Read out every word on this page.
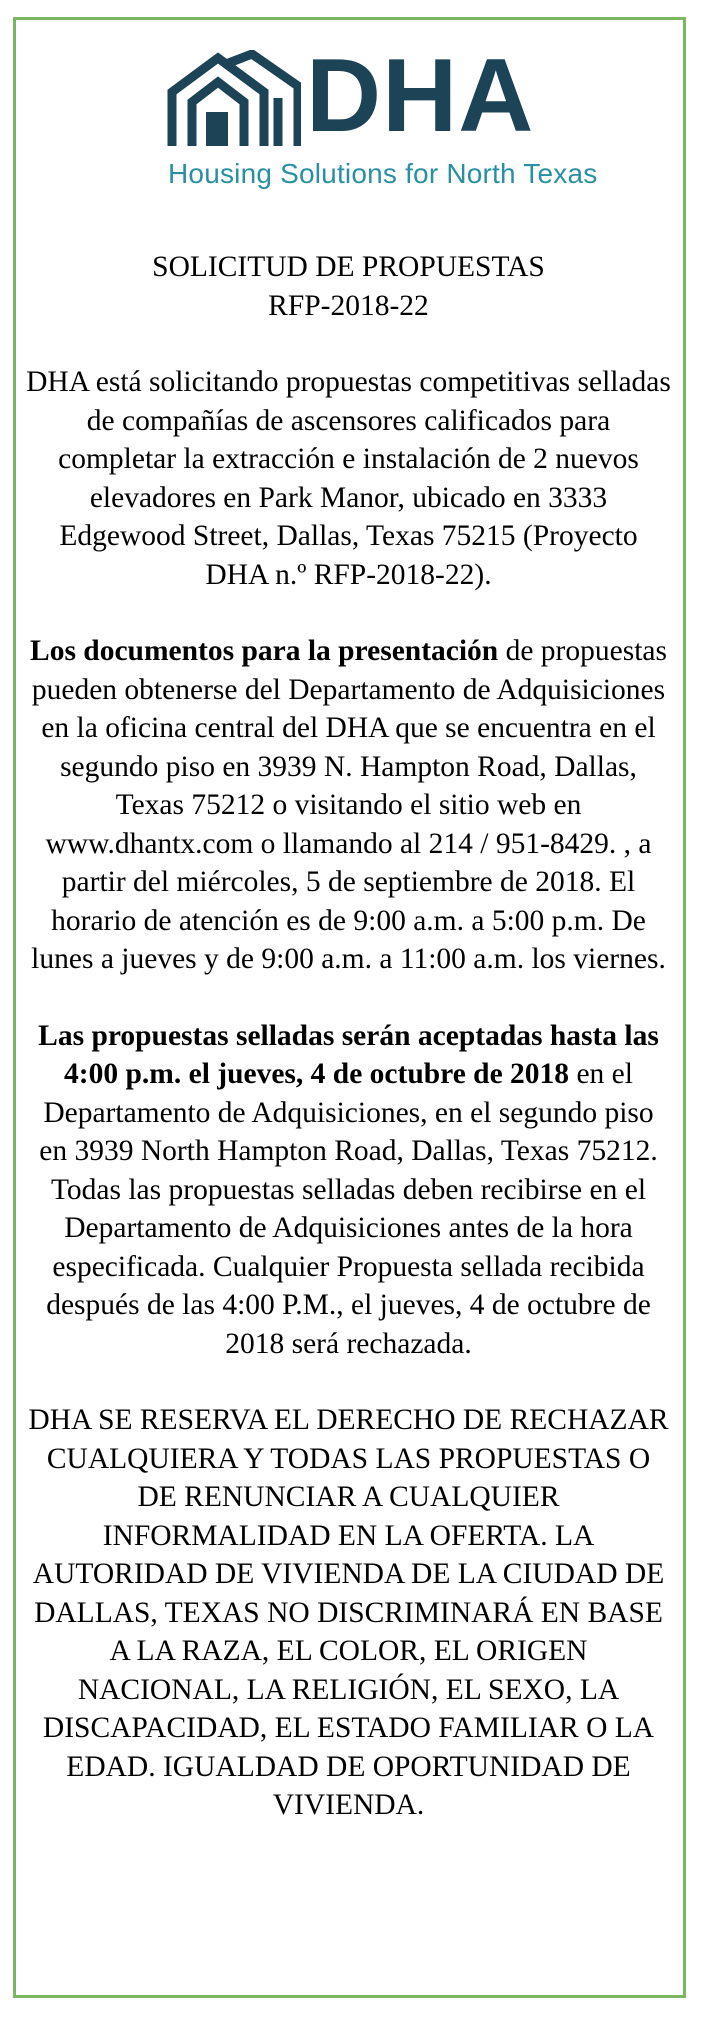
DHA
Housing Solutions for North Texas

SOLICITUD DE PROPUESTAS
RFP-2018-22

DHA está solicitando propuestas competitivas selladas de compañías de ascensores calificados para completar la extracción e instalación de 2 nuevos elevadores en Park Manor, ubicado en 3333 Edgewood Street, Dallas, Texas 75215 (Proyecto DHA n.º RFP-2018-22).

Los documentos para la presentación de propuestas pueden obtenerse del Departamento de Adquisiciones en la oficina central del DHA que se encuentra en el segundo piso en 3939 N. Hampton Road, Dallas, Texas 75212 o visitando el sitio web en www.dhantx.com o llamando al 214 / 951-8429. , a partir del miércoles, 5 de septiembre de 2018. El horario de atención es de 9:00 a.m. a 5:00 p.m. De lunes a jueves y de 9:00 a.m. a 11:00 a.m. los viernes.

Las propuestas selladas serán aceptadas hasta las 4:00 p.m. el jueves, 4 de octubre de 2018 en el Departamento de Adquisiciones, en el segundo piso en 3939 North Hampton Road, Dallas, Texas 75212. Todas las propuestas selladas deben recibirse en el Departamento de Adquisiciones antes de la hora especificada. Cualquier Propuesta sellada recibida después de las 4:00 P.M., el jueves, 4 de octubre de 2018 será rechazada.

DHA SE RESERVA EL DERECHO DE RECHAZAR CUALQUIERA Y TODAS LAS PROPUESTAS O DE RENUNCIAR A CUALQUIER INFORMALIDAD EN LA OFERTA. LA AUTORIDAD DE VIVIENDA DE LA CIUDAD DE DALLAS, TEXAS NO DISCRIMINARÁ EN BASE A LA RAZA, EL COLOR, EL ORIGEN NACIONAL, LA RELIGIÓN, EL SEXO, LA DISCAPACIDAD, EL ESTADO FAMILIAR O LA EDAD. IGUALDAD DE OPORTUNIDAD DE VIVIENDA.
